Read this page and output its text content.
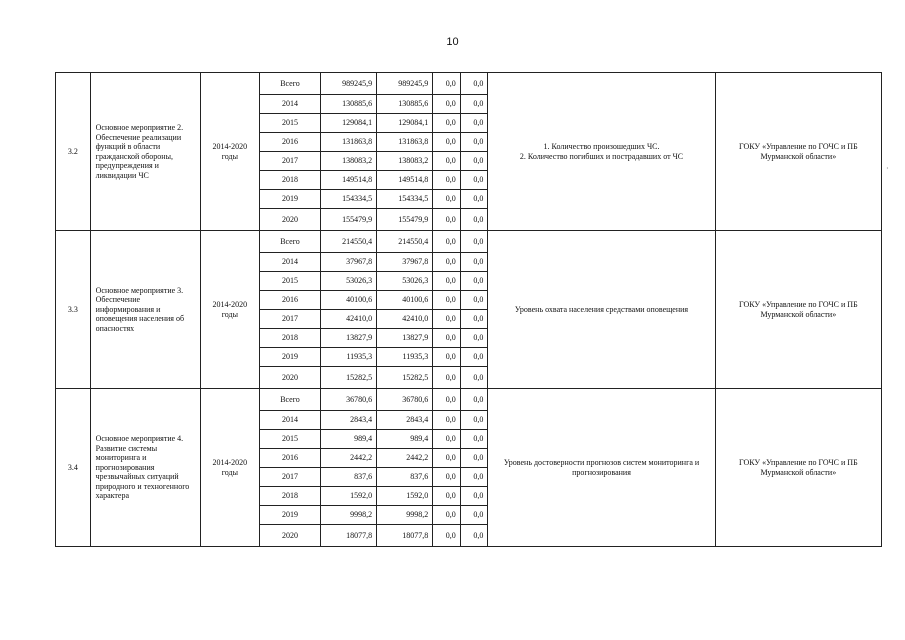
10
3.2	Основное мероприятие 2. Обеспечение реализации функций в области гражданской обороны, предупреждения и ликвидации ЧС	2014-2020 годы	Всего	989245,9	989245,9	0,0	0,0	1. Количество произошедших ЧС.
2. Количество погибших и пострадавших от ЧС	ГОКУ «Управление по ГОЧС и ПБ Мурманской области»
			2014	130885,6	130885,6	0,0	0,0		
			2015	129084,1	129084,1	0,0	0,0		
			2016	131863,8	131863,8	0,0	0,0		
			2017	138083,2	138083,2	0,0	0,0		
			2018	149514,8	149514,8	0,0	0,0		
			2019	154334,5	154334,5	0,0	0,0		
			2020	155479,9	155479,9	0,0	0,0		
3.3	Основное мероприятие 3. Обеспечение информирования и оповещения населения об опасностях	2014-2020 годы	Всего	214550,4	214550,4	0,0	0,0	Уровень охвата населения средствами оповещения	ГОКУ «Управление по ГОЧС и ПБ Мурманской области»
			2014	37967,8	37967,8	0,0	0,0		
			2015	53026,3	53026,3	0,0	0,0		
			2016	40100,6	40100,6	0,0	0,0		
			2017	42410,0	42410,0	0,0	0,0		
			2018	13827,9	13827,9	0,0	0,0		
			2019	11935,3	11935,3	0,0	0,0		
			2020	15282,5	15282,5	0,0	0,0		
3.4	Основное мероприятие 4. Развитие системы мониторинга и прогнозирования чрезвычайных ситуаций природного и техногенного характера	2014-2020 годы	Всего	36780,6	36780,6	0,0	0,0	Уровень достоверности прогнозов систем мониторинга и прогнозирования	ГОКУ «Управление по ГОЧС и ПБ Мурманской области»
			2014	2843,4	2843,4	0,0	0,0		
			2015	989,4	989,4	0,0	0,0		
			2016	2442,2	2442,2	0,0	0,0		
			2017	837,6	837,6	0,0	0,0		
			2018	1592,0	1592,0	0,0	0,0		
			2019	9998,2	9998,2	0,0	0,0		
			2020	18077,8	18077,8	0,0	0,0		
·
